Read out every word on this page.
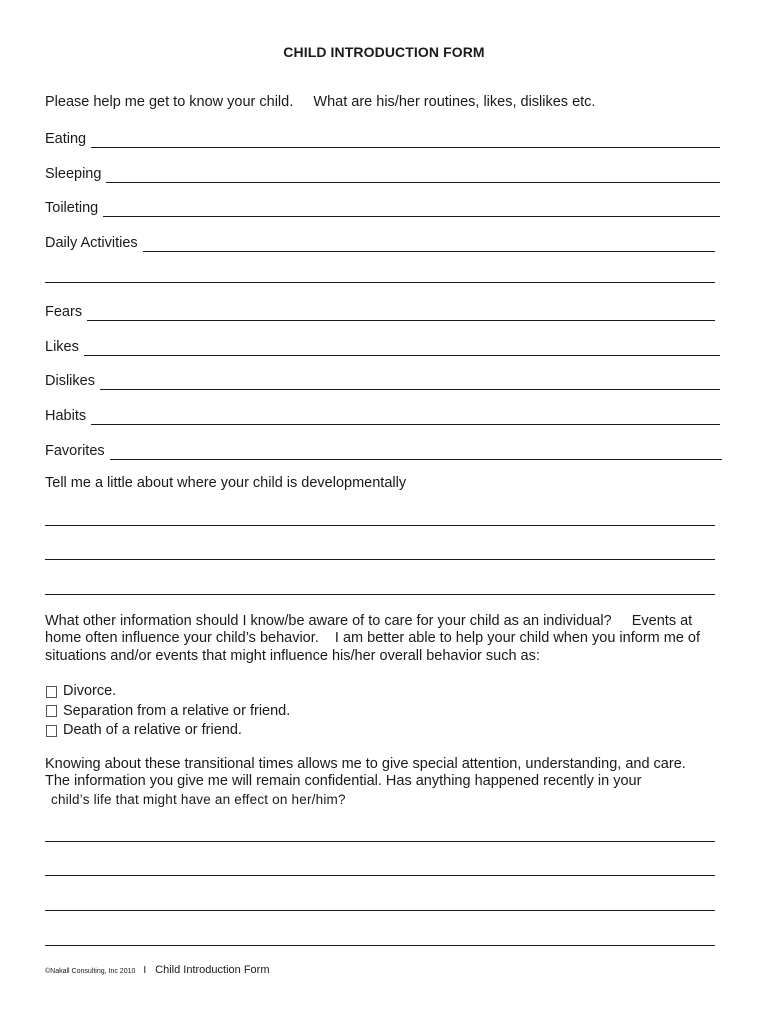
CHILD INTRODUCTION FORM
Please help me get to know your child.     What are his/her routines, likes, dislikes etc.
Eating
Sleeping
Toileting
Daily Activities
Fears
Likes
Dislikes
Habits
Favorites
Tell me a little about where your child is developmentally
What other information should I know/be aware of to care for your child as an individual?     Events at
home often influence your child’s behavior.    I am better able to help your child when you inform me of
situations and/or events that might influence his/her overall behavior such as:
Divorce.
Separation from a relative or friend.
Death of a relative or friend.
Knowing about these transitional times allows me to give special attention, understanding, and care.
The information you give me will remain confidential. Has anything happened recently in your
child’s life that might have an effect on her/him?
©Nakall Consulting, Inc 2010 I Child Introduction Form
